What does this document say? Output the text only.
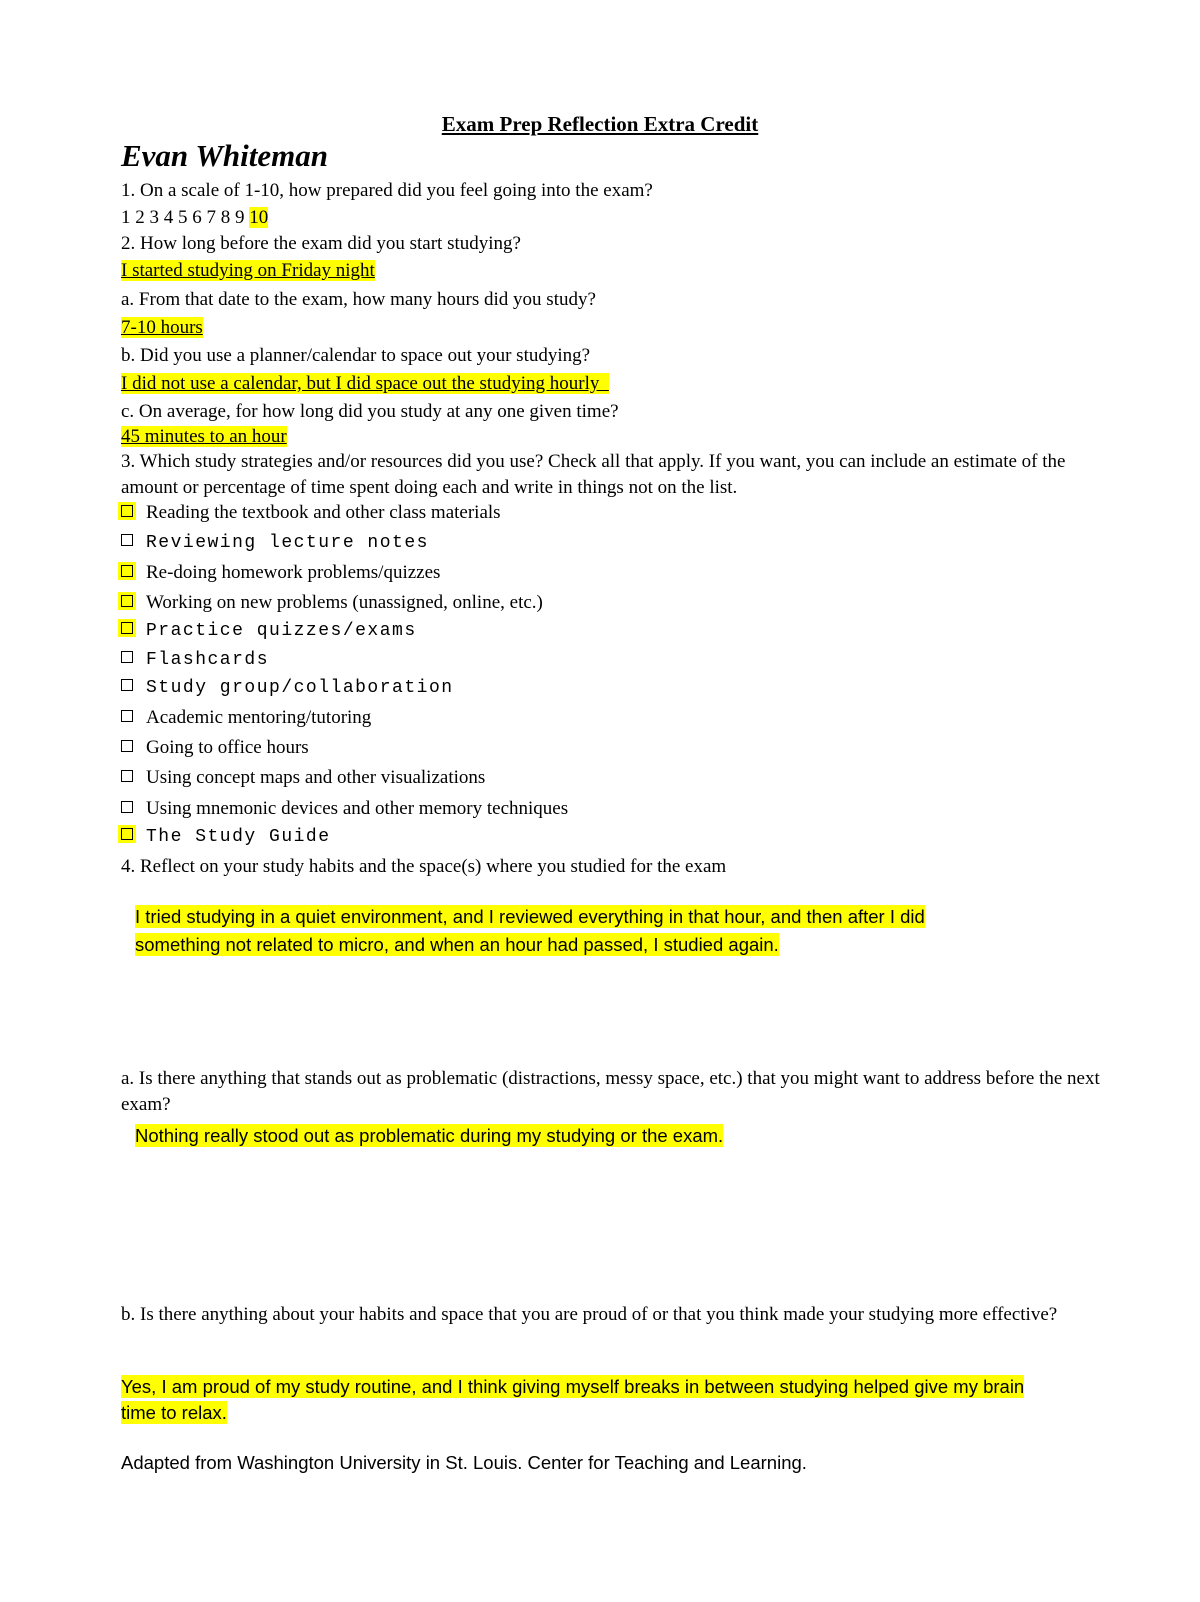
Exam Prep Reflection Extra Credit
Evan Whiteman
1. On a scale of 1-10, how prepared did you feel going into the exam?
1 2 3 4 5 6 7 8 9 10
2. How long before the exam did you start studying?
I started studying on Friday night
a. From that date to the exam, how many hours did you study?
7-10 hours
b. Did you use a planner/calendar to space out your studying?
I did not use a calendar, but I did space out the studying hourly
c. On average, for how long did you study at any one given time?
45 minutes to an hour
3. Which study strategies and/or resources did you use? Check all that apply. If you want, you can include an estimate of the amount or percentage of time spent doing each and write in things not on the list.
Reading the textbook and other class materials
Reviewing lecture notes
Re-doing homework problems/quizzes
Working on new problems (unassigned, online, etc.)
Practice quizzes/exams
Flashcards
Study group/collaboration
Academic mentoring/tutoring
Going to office hours
Using concept maps and other visualizations
Using mnemonic devices and other memory techniques
The Study Guide
4. Reflect on your study habits and the space(s) where you studied for the exam
I tried studying in a quiet environment, and I reviewed everything in that hour, and then after I did
something not related to micro, and when an hour had passed, I studied again.
a. Is there anything that stands out as problematic (distractions, messy space, etc.) that you might want to address before the next exam?
Nothing really stood out as problematic during my studying or the exam.
b. Is there anything about your habits and space that you are proud of or that you think made your studying more effective?
Yes, I am proud of my study routine, and I think giving myself breaks in between studying helped give my brain
time to relax.
Adapted from Washington University in St. Louis. Center for Teaching and Learning.
